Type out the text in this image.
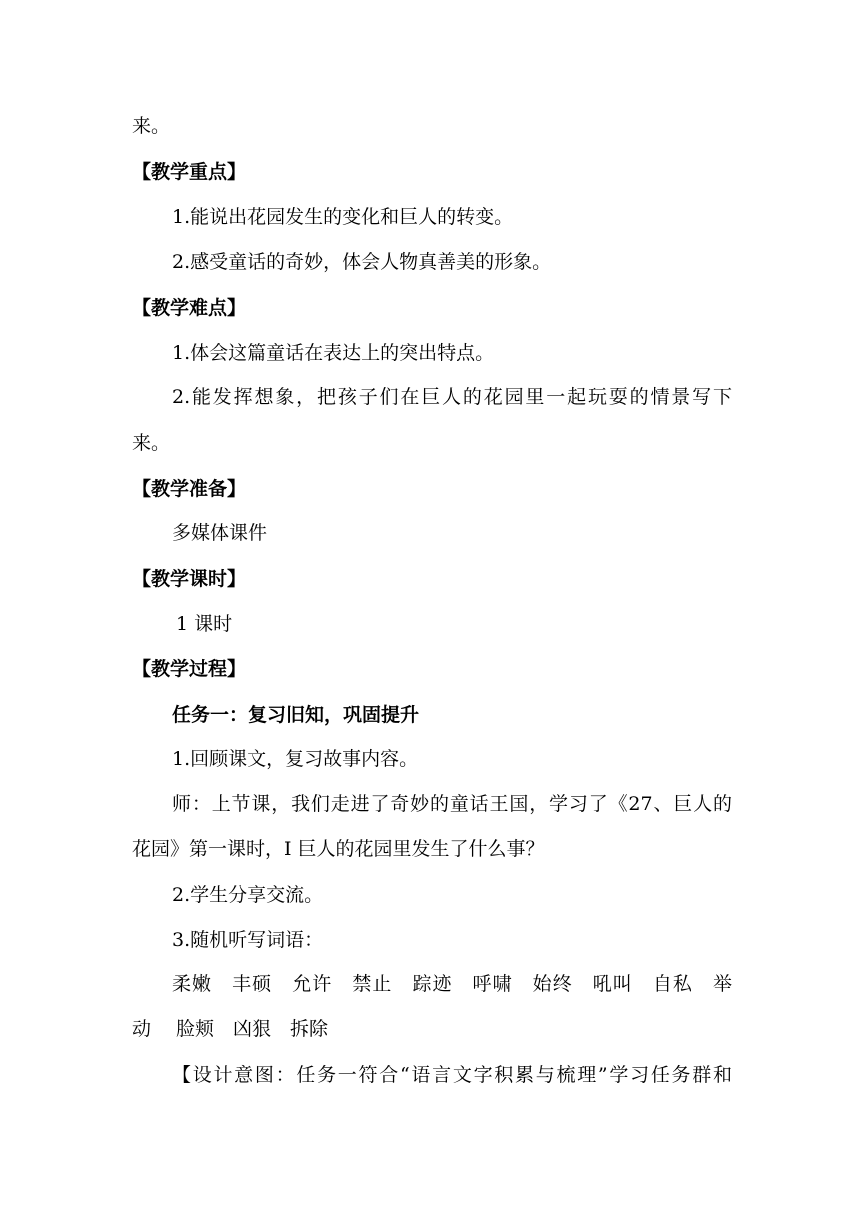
来。
【教学重点】
1.能说出花园发生的变化和巨人的转变。
2.感受童话的奇妙，体会人物真善美的形象。
【教学难点】
1.体会这篇童话在表达上的突出特点。
2.能发挥想象，把孩子们在巨人的花园里一起玩耍的情景写下
来。
【教学准备】
多媒体课件
【教学课时】
1 课时
【教学过程】
任务一：复习旧知，巩固提升
1.回顾课文，复习故事内容。
师：上节课，我们走进了奇妙的童话王国，学习了《27、巨人的
花园》第一课时，I 巨人的花园里发生了什么事？
2.学生分享交流。
3.随机听写词语：
柔嫩　丰硕　允许　禁止　踪迹　呼啸　始终　吼叫　自私　举
动　 脸颊　凶狠　拆除
【设计意图：任务一符合“语言文字积累与梳理”学习任务群和
